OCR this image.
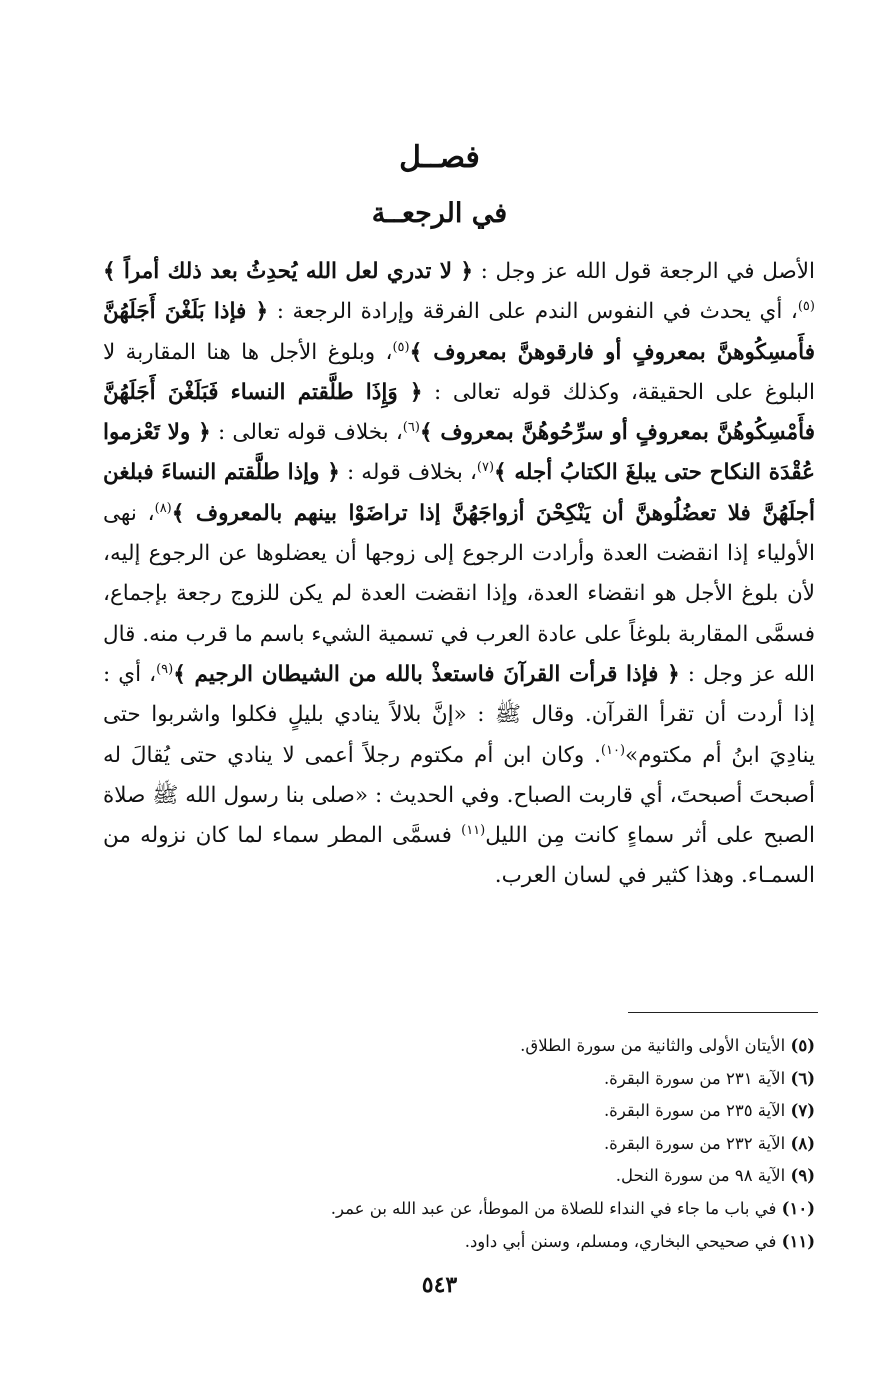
فصــل
في الرجعــة
الأصل في الرجعة قول الله عز وجل : ﴿ لا تدري لعل الله يُحدِثُ بعد ذلك أمراً ﴾$^{(٥)}$، أي يحدث في النفوس الندم على الفرقة وإرادة الرجعة : ﴿ فإذا بَلَغْنَ أَجَلَهُنَّ فأَمسِكُوهنَّ بمعروفٍ أو فارقوهنَّ بمعروف ﴾$^{(٥)}$، وبلوغ الأجل ها هنا المقاربة لا البلوغ على الحقيقة، وكذلك قوله تعالى : ﴿ وَإِذَا طلَّقتم النساء فَبَلَغْنَ أَجَلَهُنَّ فأَمْسِكُوهُنَّ بمعروفٍ أو سرِّحُوهُنَّ بمعروف ﴾$^{(٦)}$، بخلاف قوله تعالى : ﴿ ولا تَعْزموا عُقْدَة النكاح حتى يبلغَ الكتابُ أجله ﴾$^{(٧)}$، بخلاف قوله : ﴿ وإذا طلَّقتم النساءَ فبلغن أجلَهُنَّ فلا تعضُلُوهنَّ أن يَنْكِحْنَ أزواجَهُنَّ إذا تراضَوْا بينهم بالمعروف ﴾$^{(٨)}$، نهى الأولياء إذا انقضت العدة وأرادت الرجوع إلى زوجها أن يعضلوها عن الرجوع إليه، لأن بلوغ الأجل هو انقضاء العدة، وإذا انقضت العدة لم يكن للزوج رجعة بإجماع، فسمَّى المقاربة بلوغاً على عادة العرب في تسمية الشيء باسم ما قرب منه. قال الله عز وجل : ﴿ فإذا قرأت القرآنَ فاستعذْ بالله من الشيطان الرجيم ﴾$^{(٩)}$، أي : إذا أردت أن تقرأ القرآن. وقال ﷺ : «إنَّ بلالاً ينادي بليلٍ فكلوا واشربوا حتى ينادِيَ ابنُ أم مكتوم»$^{(١٠)}$. وكان ابن أم مكتوم رجلاً أعمى لا ينادي حتى يُقالَ له أصبحتَ أصبحتَ، أي قاربت الصباح. وفي الحديث : «صلى بنا رسول الله ﷺ صلاة الصبح على أثر سماءٍ كانت مِن الليل$^{(١١)}$ فسمَّى المطر سماء لما كان نزوله من السمـاء. وهذا كثير في لسان العرب.
(٥) الأيتان الأولى والثانية من سورة الطلاق.
(٦) الآية ٢٣١ من سورة البقرة.
(٧) الآية ٢٣٥ من سورة البقرة.
(٨) الآية ٢٣٢ من سورة البقرة.
(٩) الآية ٩٨ من سورة النحل.
(١٠) في باب ما جاء في النداء للصلاة من الموطأ، عن عبد الله بن عمر.
(١١) في صحيحي البخاري، ومسلم، وسنن أبي داود.
٥٤٣
